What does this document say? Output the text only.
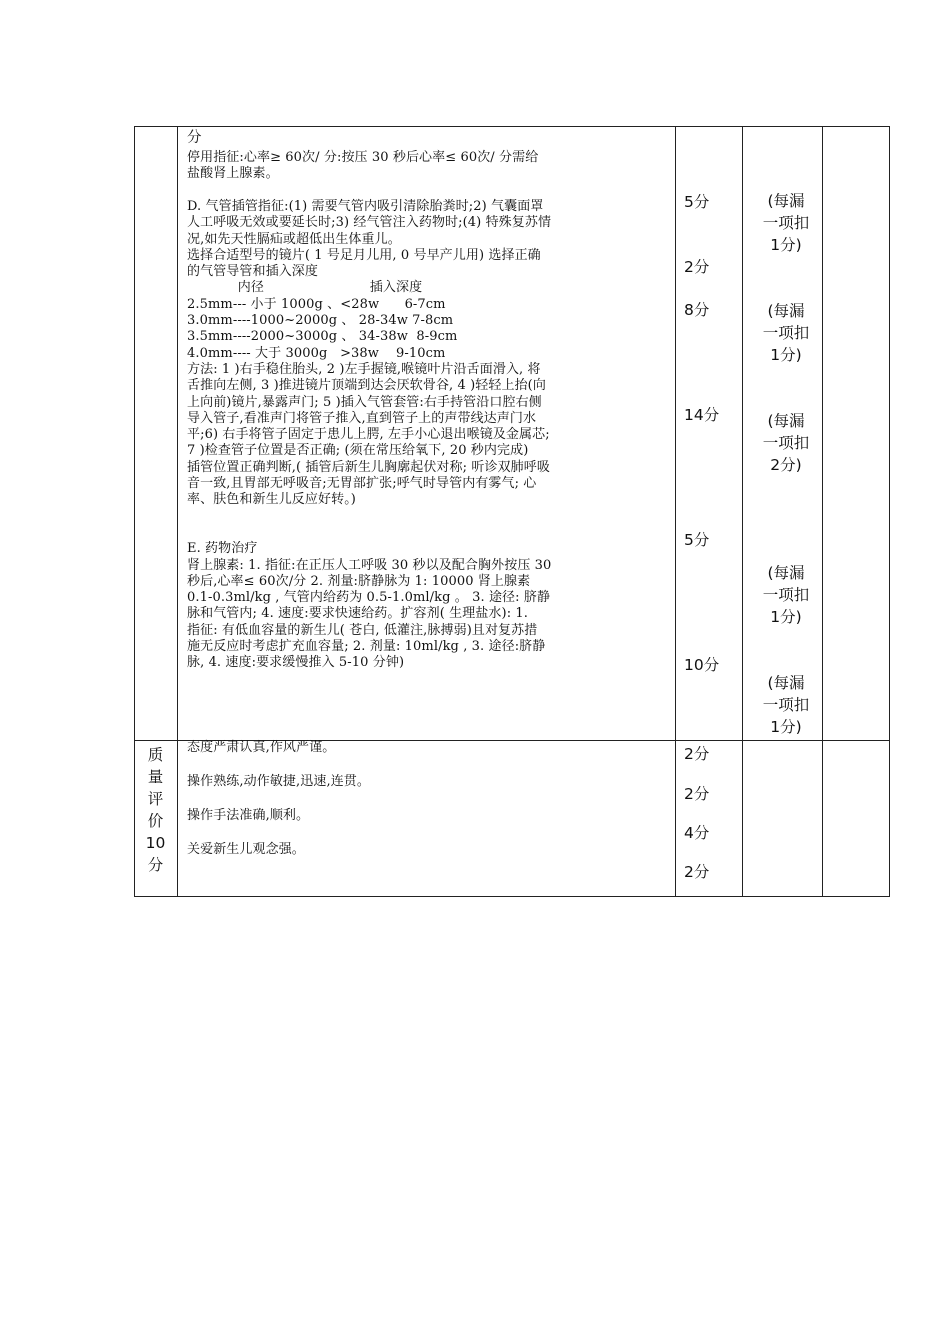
分
停用指征:心率≥ 60次/ 分:按压 30 秒后心率≤ 60次/ 分需给
盐酸肾上腺素。
D. 气管插管指征:(1) 需要气管内吸引清除胎粪时;2) 气囊面罩
人工呼吸无效或要延长时;3) 经气管注入药物时;(4) 特殊复苏情
况,如先天性膈疝或超低出生体重儿。
选择合适型号的镜片( 1 号足月儿用, 0 号早产儿用) 选择正确
的气管导管和插入深度
内径                         插入深度
2.5mm--- 小于 1000g 、<28w      6-7cm
3.0mm----1000~2000g 、 28-34w 7-8cm
3.5mm----2000~3000g 、 34-38w  8-9cm
4.0mm---- 大于 3000g   >38w    9-10cm
方法: 1 )右手稳住胎头, 2 )左手握镜,喉镜叶片沿舌面滑入, 将
舌推向左侧, 3 )推进镜片顶端到达会厌软骨谷, 4 )轻轻上抬(向
上向前)镜片,暴露声门; 5 )插入气管套管:右手持管沿口腔右侧
导入管子,看准声门将管子推入,直到管子上的声带线达声门水
平;6) 右手将管子固定于患儿上腭, 左手小心退出喉镜及金属芯;
7 )检查管子位置是否正确; (须在常压给氧下, 20 秒内完成)
插管位置正确判断,( 插管后新生儿胸廓起伏对称; 听诊双肺呼吸
音一致,且胃部无呼吸音;无胃部扩张;呼气时导管内有雾气; 心
率、肤色和新生儿反应好转。)
E. 药物治疗
肾上腺素: 1. 指征:在正压人工呼吸 30 秒以及配合胸外按压 30
秒后,心率≤ 60次/分 2. 剂量:脐静脉为 1: 10000 肾上腺素
0.1-0.3ml/kg , 气管内给药为 0.5-1.0ml/kg 。 3. 途径: 脐静
脉和气管内; 4. 速度:要求快速给药。扩容剂( 生理盐水): 1.
指征: 有低血容量的新生儿( 苍白, 低灌注,脉搏弱)且对复苏措
施无反应时考虑扩充血容量; 2. 剂量: 10ml/kg , 3. 途径:脐静
脉, 4. 速度:要求缓慢推入 5-10 分钟)
5分
2分
8分
14分
5分
10分
(每漏
一项扣
1分)
(每漏
一项扣
1分)
(每漏
一项扣
2分)
(每漏
一项扣
1分)
(每漏
一项扣
1分)
质
量
评
价
10
分
态度严肃认真,作风严谨。
操作熟练,动作敏捷,迅速,连贯。
操作手法准确,顺利。
关爱新生儿观念强。
2分
2分
4分
2分
